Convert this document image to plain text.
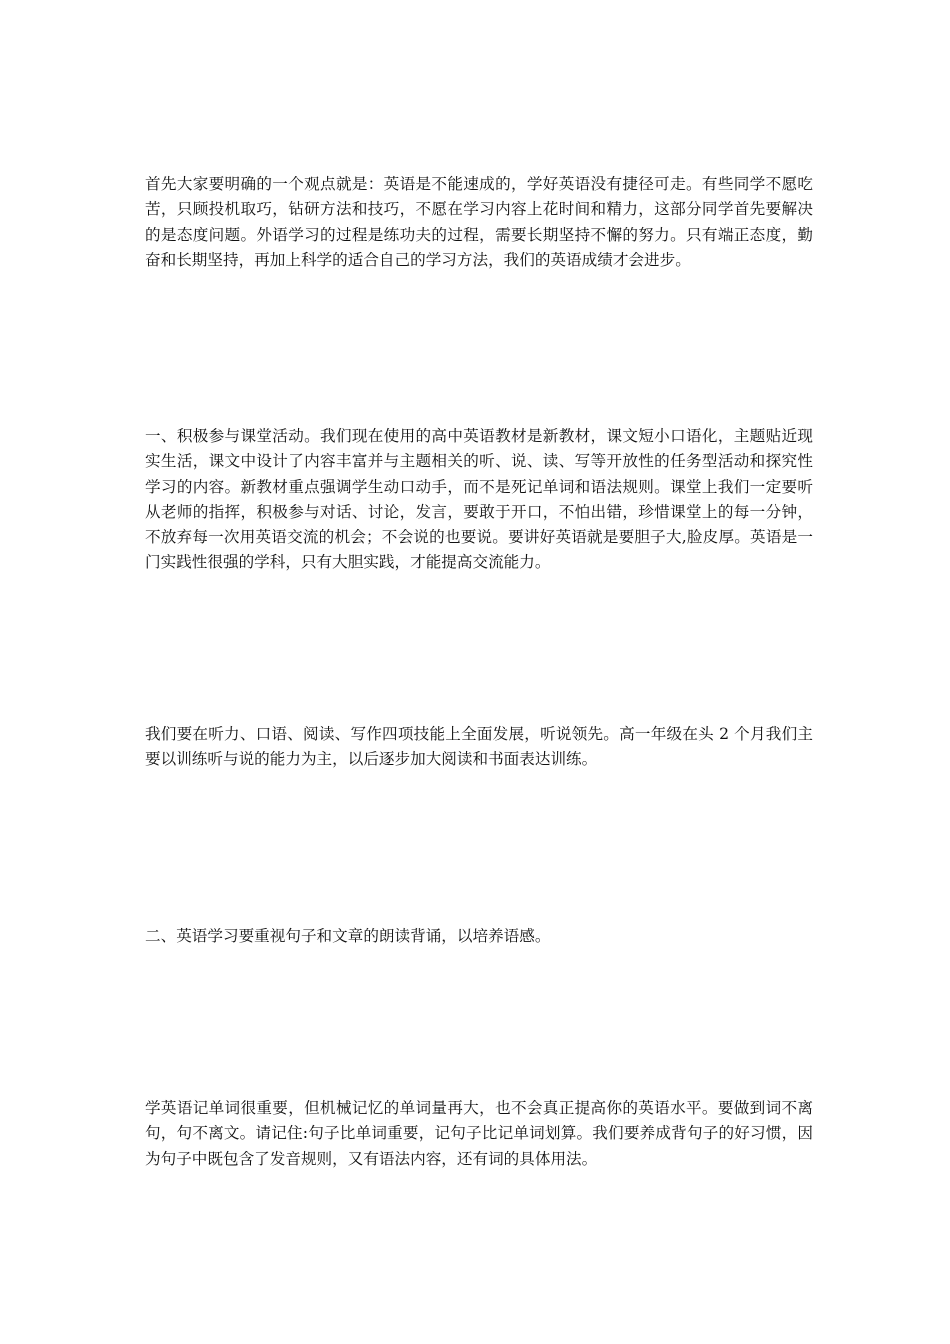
首先大家要明确的一个观点就是：英语是不能速成的，学好英语没有捷径可走。有些同学不愿吃苦，只顾投机取巧，钻研方法和技巧，不愿在学习内容上花时间和精力，这部分同学首先要解决的是态度问题。外语学习的过程是练功夫的过程，需要长期坚持不懈的努力。只有端正态度，勤奋和长期坚持，再加上科学的适合自己的学习方法，我们的英语成绩才会进步。

一、积极参与课堂活动。我们现在使用的高中英语教材是新教材，课文短小口语化，主题贴近现实生活，课文中设计了内容丰富并与主题相关的听、说、读、写等开放性的任务型活动和探究性学习的内容。新教材重点强调学生动口动手，而不是死记单词和语法规则。课堂上我们一定要听从老师的指挥，积极参与对话、讨论，发言，要敢于开口，不怕出错，珍惜课堂上的每一分钟，不放弃每一次用英语交流的机会；不会说的也要说。要讲好英语就是要胆子大,脸皮厚。英语是一门实践性很强的学科，只有大胆实践，才能提高交流能力。

我们要在听力、口语、阅读、写作四项技能上全面发展，听说领先。高一年级在头 2 个月我们主要以训练听与说的能力为主，以后逐步加大阅读和书面表达训练。

二、英语学习要重视句子和文章的朗读背诵，以培养语感。

学英语记单词很重要，但机械记忆的单词量再大，也不会真正提高你的英语水平。要做到词不离句，句不离文。请记住:句子比单词重要，记句子比记单词划算。我们要养成背句子的好习惯，因为句子中既包含了发音规则，又有语法内容，还有词的具体用法。
